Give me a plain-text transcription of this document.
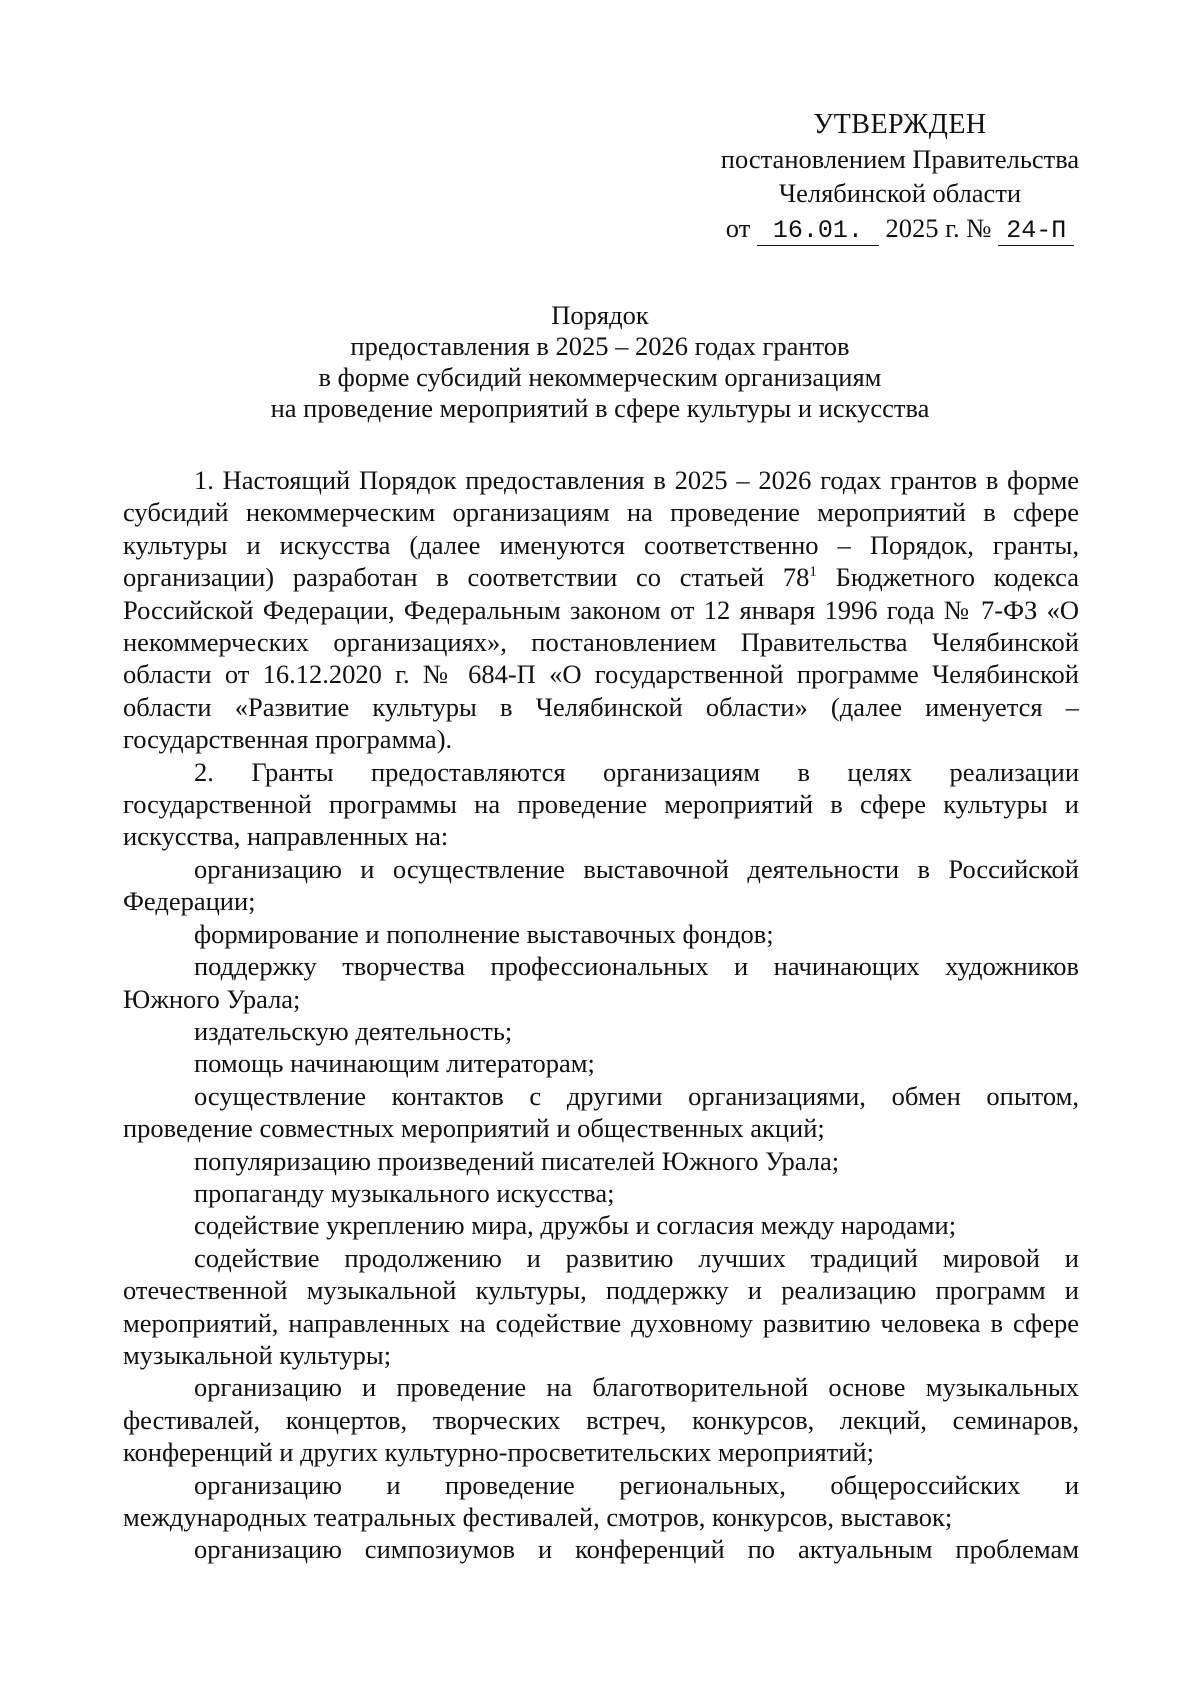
УТВЕРЖДЕН
постановлением Правительства
Челябинской области
от 16.01. 2025 г. № 24-П
Порядок
предоставления в 2025 – 2026 годах грантов
в форме субсидий некоммерческим организациям
на проведение мероприятий в сфере культуры и искусства

1. Настоящий Порядок предоставления в 2025 – 2026 годах грантов в форме субсидий некоммерческим организациям на проведение мероприятий в сфере культуры и искусства (далее именуются соответственно – Порядок, гранты, организации) разработан в соответствии со статьей $78^1$ Бюджетного кодекса Российской Федерации, Федеральным законом от 12 января 1996 года № 7-ФЗ «О некоммерческих организациях», постановлением Правительства Челябинской области от 16.12.2020 г. № 684-П «О государственной программе Челябинской области «Развитие культуры в Челябинской области» (далее именуется – государственная программа).

2. Гранты предоставляются организациям в целях реализации государственной программы на проведение мероприятий в сфере культуры и искусства, направленных на:

организацию и осуществление выставочной деятельности в Российской Федерации;

формирование и пополнение выставочных фондов;

поддержку творчества профессиональных и начинающих художников Южного Урала;

издательскую деятельность;

помощь начинающим литераторам;

осуществление контактов с другими организациями, обмен опытом, проведение совместных мероприятий и общественных акций;

популяризацию произведений писателей Южного Урала;

пропаганду музыкального искусства;

содействие укреплению мира, дружбы и согласия между народами;

содействие продолжению и развитию лучших традиций мировой и отечественной музыкальной культуры, поддержку и реализацию программ и мероприятий, направленных на содействие духовному развитию человека в сфере музыкальной культуры;

организацию и проведение на благотворительной основе музыкальных фестивалей, концертов, творческих встреч, конкурсов, лекций, семинаров, конференций и других культурно-просветительских мероприятий;

организацию и проведение региональных, общероссийских и международных театральных фестивалей, смотров, конкурсов, выставок;

организацию симпозиумов и конференций по актуальным проблемам
